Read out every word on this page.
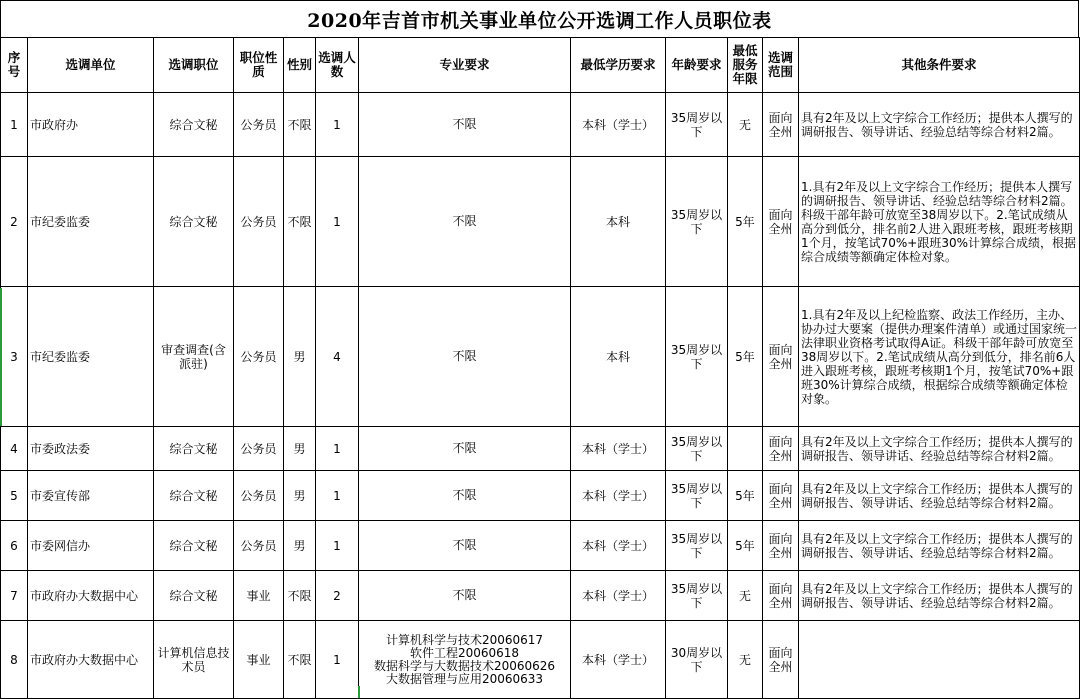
2020年吉首市机关事业单位公开选调工作人员职位表
序号	选调单位	选调职位	职位性质	性别	选调人数	专业要求	最低学历要求	年龄要求	最低服务年限	选调范围	其他条件要求
1	市政府办	综合文秘	公务员	不限	1	不限	本科（学士）	35周岁以下	无	面向全州	具有2年及以上文字综合工作经历；提供本人撰写的调研报告、领导讲话、经验总结等综合材料2篇。
2	市纪委监委	综合文秘	公务员	不限	1	不限	本科	35周岁以下	5年	面向全州	1.具有2年及以上文字综合工作经历；提供本人撰写的调研报告、领导讲话、经验总结等综合材料2篇。科级干部年龄可放宽至38周岁以下。2.笔试成绩从高分到低分，排名前2人进入跟班考核，跟班考核期1个月，按笔试70%+跟班30%计算综合成绩，根据综合成绩等额确定体检对象。
3	市纪委监委	审查调查(含派驻)	公务员	男	4	不限	本科	35周岁以下	5年	面向全州	1.具有2年及以上纪检监察、政法工作经历，主办、协办过大要案（提供办理案件清单）或通过国家统一法律职业资格考试取得A证。科级干部年龄可放宽至38周岁以下。2.笔试成绩从高分到低分，排名前6人进入跟班考核，跟班考核期1个月，按笔试70%+跟班30%计算综合成绩，根据综合成绩等额确定体检对象。
4	市委政法委	综合文秘	公务员	男	1	不限	本科（学士）	35周岁以下		面向全州	具有2年及以上文字综合工作经历；提供本人撰写的调研报告、领导讲话、经验总结等综合材料2篇。
5	市委宣传部	综合文秘	公务员	男	1	不限	本科（学士）	35周岁以下	5年	面向全州	具有2年及以上文字综合工作经历；提供本人撰写的调研报告、领导讲话、经验总结等综合材料2篇。
6	市委网信办	综合文秘	公务员	男	1	不限	本科（学士）	35周岁以下	5年	面向全州	具有2年及以上文字综合工作经历；提供本人撰写的调研报告、领导讲话、经验总结等综合材料2篇。
7	市政府办大数据中心	综合文秘	事业	不限	2	不限	本科（学士）	35周岁以下	无	面向全州	具有2年及以上文字综合工作经历；提供本人撰写的调研报告、领导讲话、经验总结等综合材料2篇。
8	市政府办大数据中心	计算机信息技术员	事业	不限	1	计算机科学与技术20060617
软件工程20060618
数据科学与大数据技术20060626
大数据管理与应用20060633	本科（学士）	30周岁以下	无	面向全州	
